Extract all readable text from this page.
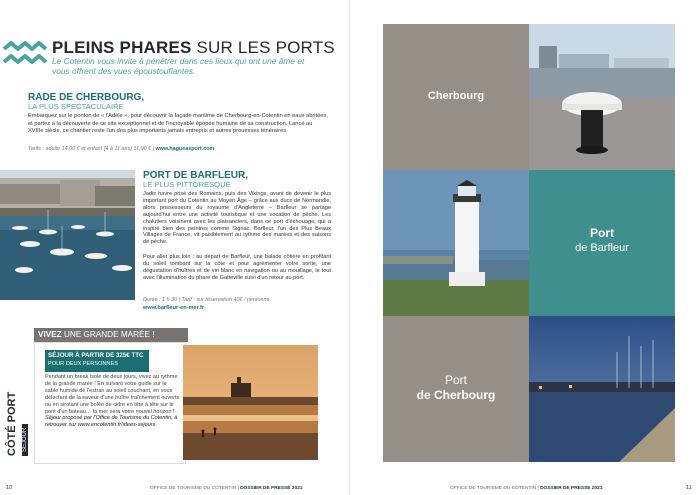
PLEINS PHARES SUR LES PORTS
Le Cotentin vous invite à pénétrer dans ces lieux qui ont une âme et vous offrent des vues époustouflantes.
RADE DE CHERBOURG,
LA PLUS SPECTACULAIRE
Embarquez sur le ponton de « l'Adèle », pour découvrir la façade maritime de Cherbourg-en-Cotentin en eaux abritées, et partez à la découverte de ce site exceptionnel et de l'incroyable épopée humaine de sa construction. Lancé au XVIIIe siècle, ce chantier reste l'un des plus importants jamais entrepris et autres prouesses ténéraires.
Tarifs : adulte 14,60 € et enfant (4 à 11 ans) 11,90 € | www.hagueasport.com
PORT DE BARFLEUR,
LE PLUS PITTORESQUE
Jadis havre prisé des Romains, puis des Vikings, avant de devenir le plus important port du Cotentin au Moyen Âge – grâce aux ducs de Normandie, alors possesseurs du royaume d'Angleterre – Barfleur se partage aujourd'hui entre une activité touristique et une vocation de pêche. Les chalutiers voisinent avec les plaisanciers, dans ce port d'échouage, qui a inspiré bien des peintres comme Signac. Barfleur, l'un des Plus Beaux Villages de France, vit paisiblement au rythme des marées et des saisons de pêche.
Pour aller plus loin : au départ de Barfleur, une balade côtière en profitant du soleil tombant sur la côte et pour agrémenter votre sortie, une dégustation d'huîtres et de vin blanc en navigation ou au mouillage, le tout avec l'illumination du phare de Gatteville suivi d'un retour au port.
Durée : 1 h 30 | Tarif : sur réservation 40€ / personne
www.barfleur-en-mer.fr
VIVEZ UNE GRANDE MARÉE !
SÉJOUR À PARTIR DE 325€ TTC
POUR DEUX PERSONNES
Pendant un break isolé de deux jours, vivez au rythme de la grande marée ! En suivant votre guide sur le sable humide de l'estran au soleil couchant, en vous délectant de la saveur d'une huître fraîchement ouverte ou en sirotant une bolée de cidre en tête à tête sur le pont d'un bateau… la mer sera votre nouvel horizon ! Séjour proposé par l'Office de Tourisme du Cotentin, à retrouver sur www.encotentin.fr/idees-sejours
CÔTÉ PORT SÉJOUR
10	OFFICE DE TOURISME DU COTENTIN | DOSSIER DE PRESSE 2021
Cherbourg
Port
de Barfleur
Port
de Cherbourg
OFFICE DE TOURISME DU COTENTIN | DOSSIER DE PRESSE 2021	11
